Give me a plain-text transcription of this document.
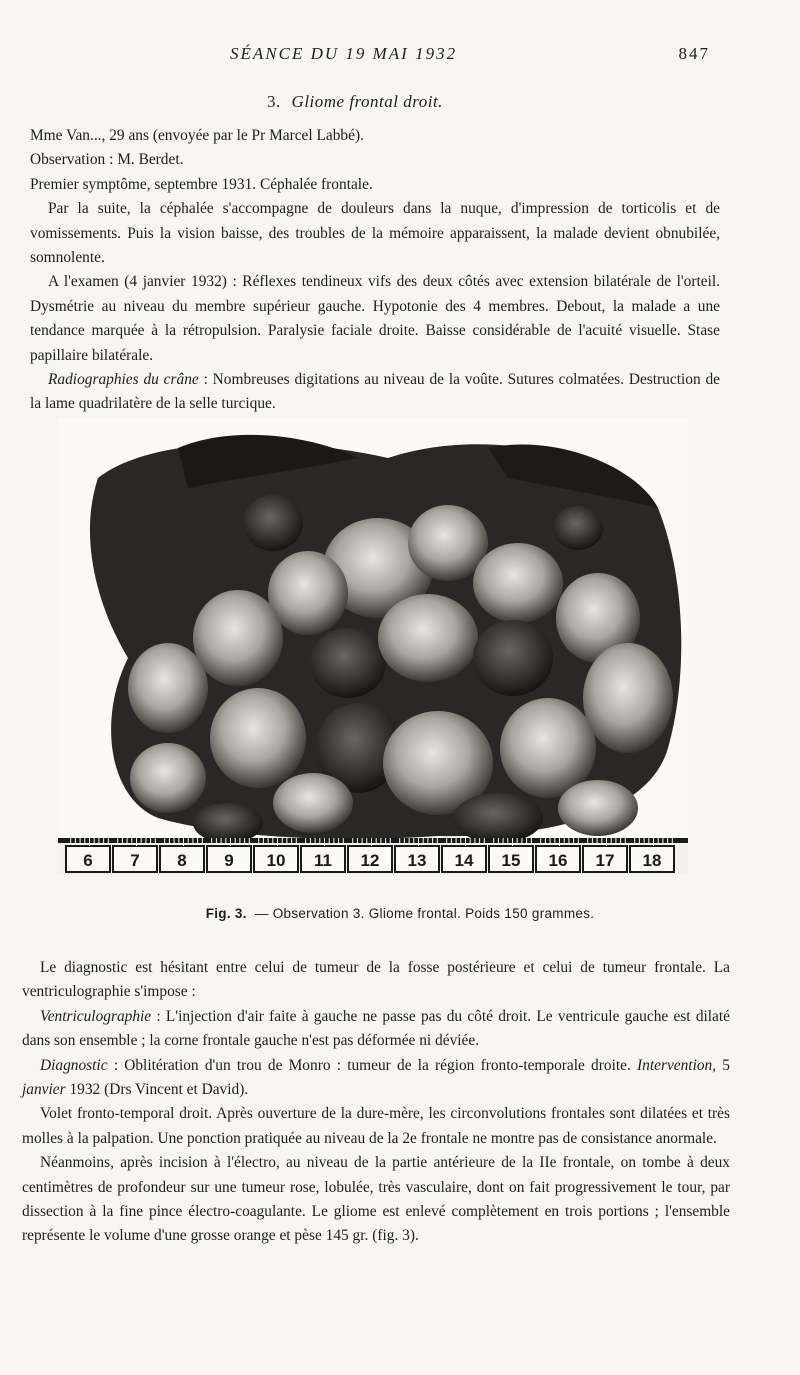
SÉANCE DU 19 MAI 1932	847
3. Gliome frontal droit.

Mme Van..., 29 ans (envoyée par le Pr Marcel Labbé).

Observation : M. Berdet.

Premier symptôme, septembre 1931. Céphalée frontale.

Par la suite, la céphalée s'accompagne de douleurs dans la nuque, d'impression de torticolis et de vomissements. Puis la vision baisse, des troubles de la mémoire apparaissent, la malade devient obnubilée, somnolente.

A l'examen (4 janvier 1932) : Réflexes tendineux vifs des deux côtés avec extension bilatérale de l'orteil. Dysmétrie au niveau du membre supérieur gauche. Hypotonie des 4 membres. Debout, la malade a une tendance marquée à la rétropulsion. Paralysie faciale droite. Baisse considérable de l'acuité visuelle. Stase papillaire bilatérale.

Radiographies du crâne : Nombreuses digitations au niveau de la voûte. Sutures colmatées. Destruction de la lame quadrilatère de la selle turcique.

6 7 8 9 10 11 12 13 14 15 16 17 18
Fig. 3. — Observation 3. Gliome frontal. Poids 150 grammes.

Le diagnostic est hésitant entre celui de tumeur de la fosse postérieure et celui de tumeur frontale. La ventriculographie s'impose :

Ventriculographie : L'injection d'air faite à gauche ne passe pas du côté droit. Le ventricule gauche est dilaté dans son ensemble ; la corne frontale gauche n'est pas déformée ni déviée.

Diagnostic : Oblitération d'un trou de Monro : tumeur de la région fronto-temporale droite. Intervention, 5 janvier 1932 (Drs Vincent et David).

Volet fronto-temporal droit. Après ouverture de la dure-mère, les circonvolutions frontales sont dilatées et très molles à la palpation. Une ponction pratiquée au niveau de la 2e frontale ne montre pas de consistance anormale.

Néanmoins, après incision à l'électro, au niveau de la partie antérieure de la IIe frontale, on tombe à deux centimètres de profondeur sur une tumeur rose, lobulée, très vasculaire, dont on fait progressivement le tour, par dissection à la fine pince électro-coagulante. Le gliome est enlevé complètement en trois portions ; l'ensemble représente le volume d'une grosse orange et pèse 145 gr. (fig. 3).
